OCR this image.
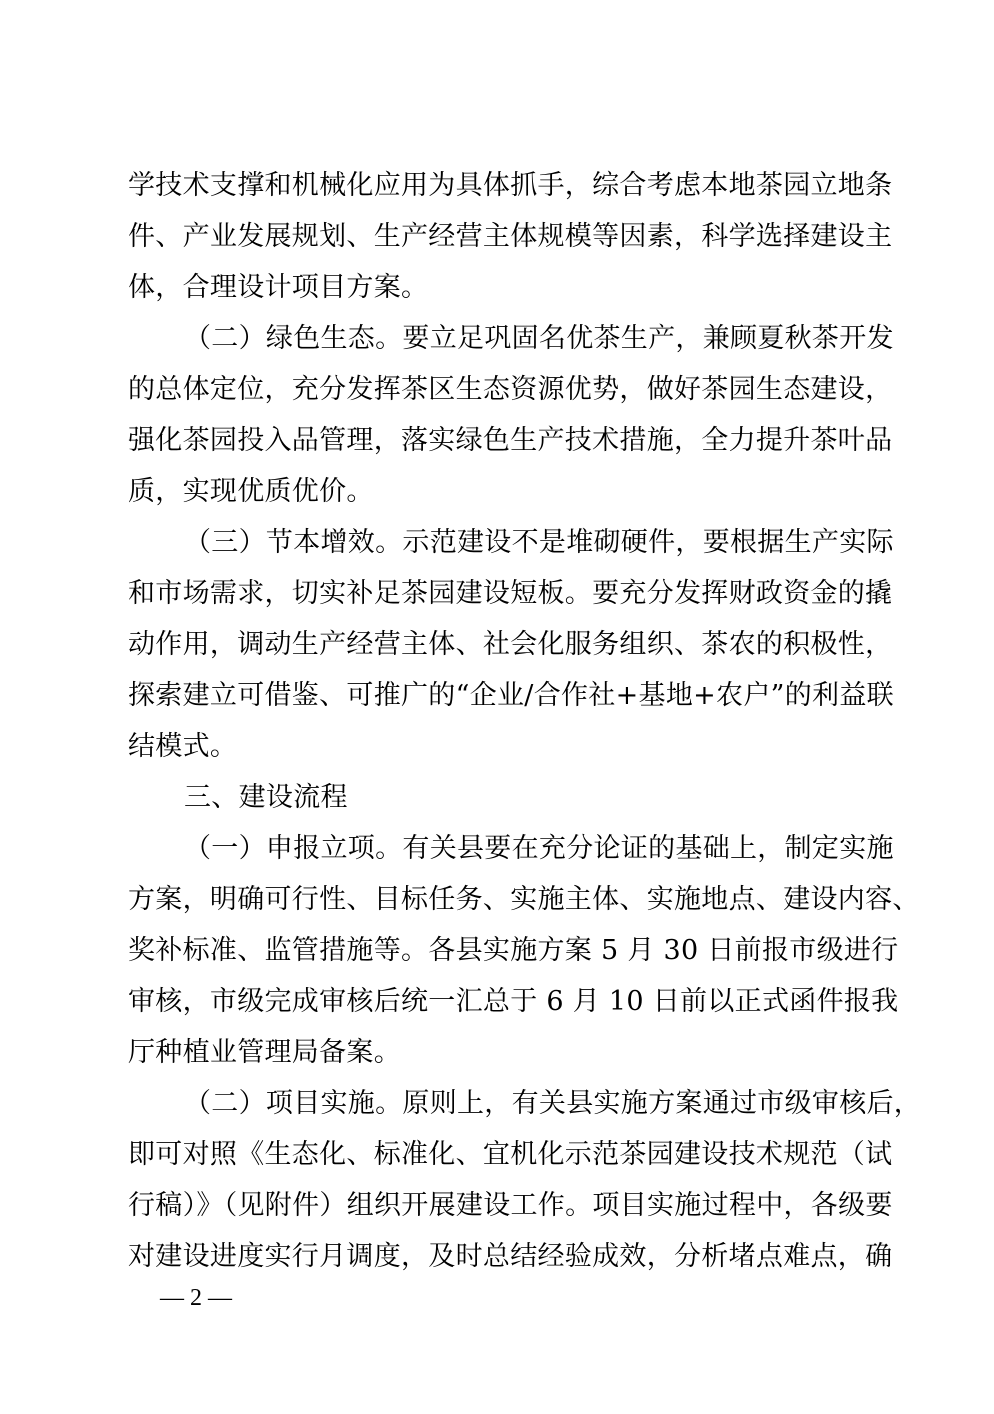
学技术支撑和机械化应用为具体抓手，综合考虑本地茶园立地条
件、产业发展规划、生产经营主体规模等因素，科学选择建设主
体，合理设计项目方案。
（二）绿色生态。要立足巩固名优茶生产，兼顾夏秋茶开发
的总体定位，充分发挥茶区生态资源优势，做好茶园生态建设，
强化茶园投入品管理，落实绿色生产技术措施，全力提升茶叶品
质，实现优质优价。
（三）节本增效。示范建设不是堆砌硬件，要根据生产实际
和市场需求，切实补足茶园建设短板。要充分发挥财政资金的撬
动作用，调动生产经营主体、社会化服务组织、茶农的积极性，
探索建立可借鉴、可推广的“企业/合作社+基地+农户”的利益联
结模式。
三、建设流程
（一）申报立项。有关县要在充分论证的基础上，制定实施
方案，明确可行性、目标任务、实施主体、实施地点、建设内容、
奖补标准、监管措施等。各县实施方案 5 月 30 日前报市级进行
审核，市级完成审核后统一汇总于 6 月 10 日前以正式函件报我
厅种植业管理局备案。
（二）项目实施。原则上，有关县实施方案通过市级审核后，
即可对照《生态化、标准化、宜机化示范茶园建设技术规范（试
行稿）》（见附件）组织开展建设工作。项目实施过程中，各级要
对建设进度实行月调度，及时总结经验成效，分析堵点难点，确
— 2 —
